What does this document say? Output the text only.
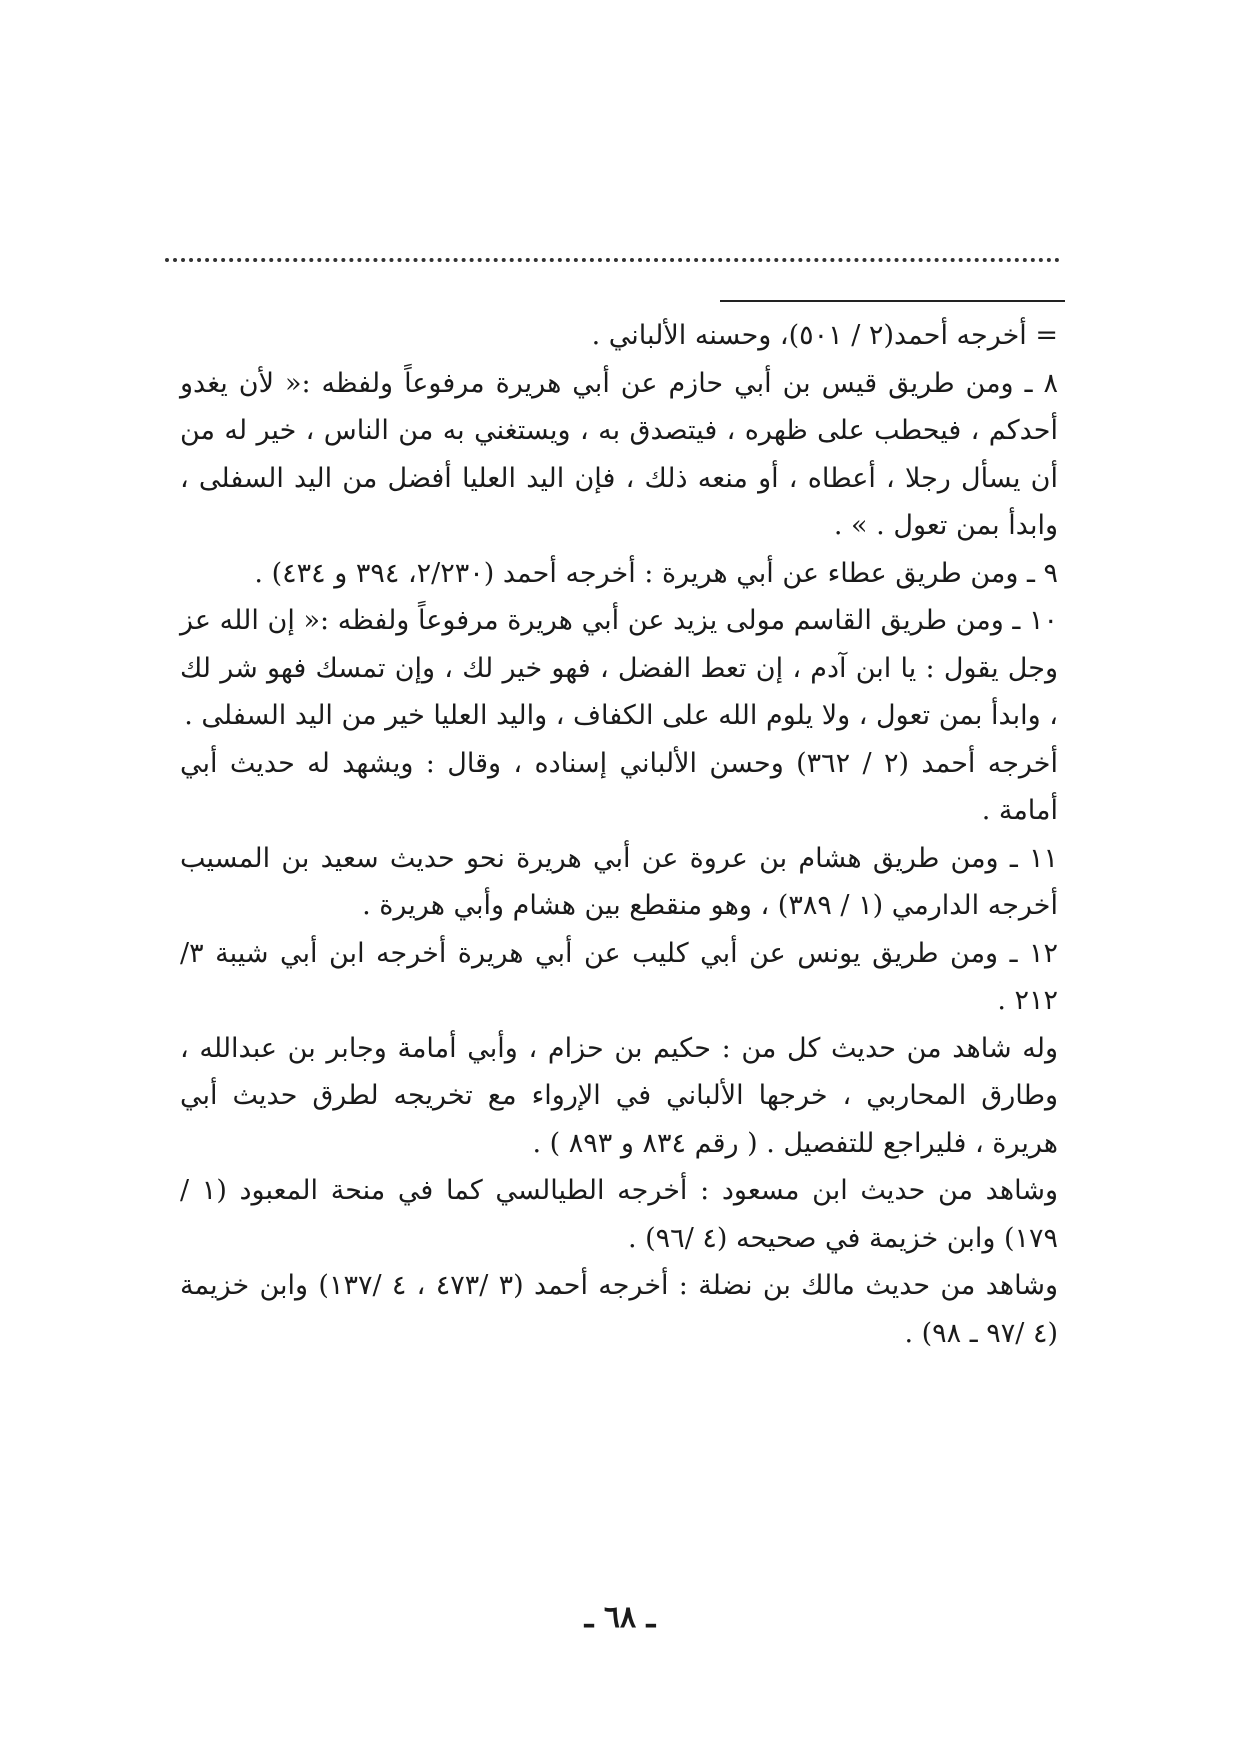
= أخرجه أحمد(٢ / ٥٠١)، وحسنه الألباني .

٨ ـ ومن طريق قيس بن أبي حازم عن أبي هريرة مرفوعاً ولفظه :« لأن يغدو أحدكم ، فيحطب على ظهره ، فيتصدق به ، ويستغني به من الناس ، خير له من أن يسأل رجلا ، أعطاه ، أو منعه ذلك ، فإن اليد العليا أفضل من اليد السفلى ، وابدأ بمن تعول . » .

٩ ـ ومن طريق عطاء عن أبي هريرة : أخرجه أحمد (٢/٢٣٠، ٣٩٤ و ٤٣٤) .

١٠ ـ ومن طريق القاسم مولى يزيد عن أبي هريرة مرفوعاً ولفظه :« إن الله عز وجل يقول : يا ابن آدم ، إن تعط الفضل ، فهو خير لك ، وإن تمسك فهو شر لك ، وابدأ بمن تعول ، ولا يلوم الله على الكفاف ، واليد العليا خير من اليد السفلى .

أخرجه أحمد (٢ / ٣٦٢) وحسن الألباني إسناده ، وقال : ويشهد له حديث أبي أمامة .

١١ ـ ومن طريق هشام بن عروة عن أبي هريرة نحو حديث سعيد بن المسيب أخرجه الدارمي (١ / ٣٨٩) ، وهو منقطع بين هشام وأبي هريرة .

١٢ ـ ومن طريق يونس عن أبي كليب عن أبي هريرة أخرجه ابن أبي شيبة ٣/ ٢١٢ .

وله شاهد من حديث كل من : حكيم بن حزام ، وأبي أمامة وجابر بن عبدالله ، وطارق المحاربي ، خرجها الألباني في الإرواء مع تخريجه لطرق حديث أبي هريرة ، فليراجع للتفصيل . ( رقم ٨٣٤ و ٨٩٣ ) .

وشاهد من حديث ابن مسعود : أخرجه الطيالسي كما في منحة المعبود (١ /١٧٩) وابن خزيمة في صحيحه (٤ /٩٦) .

وشاهد من حديث مالك بن نضلة : أخرجه أحمد (٣ /٤٧٣ ، ٤ /١٣٧) وابن خزيمة (٤ /٩٧ ـ ٩٨) .

ـ ٦٨ ـ
